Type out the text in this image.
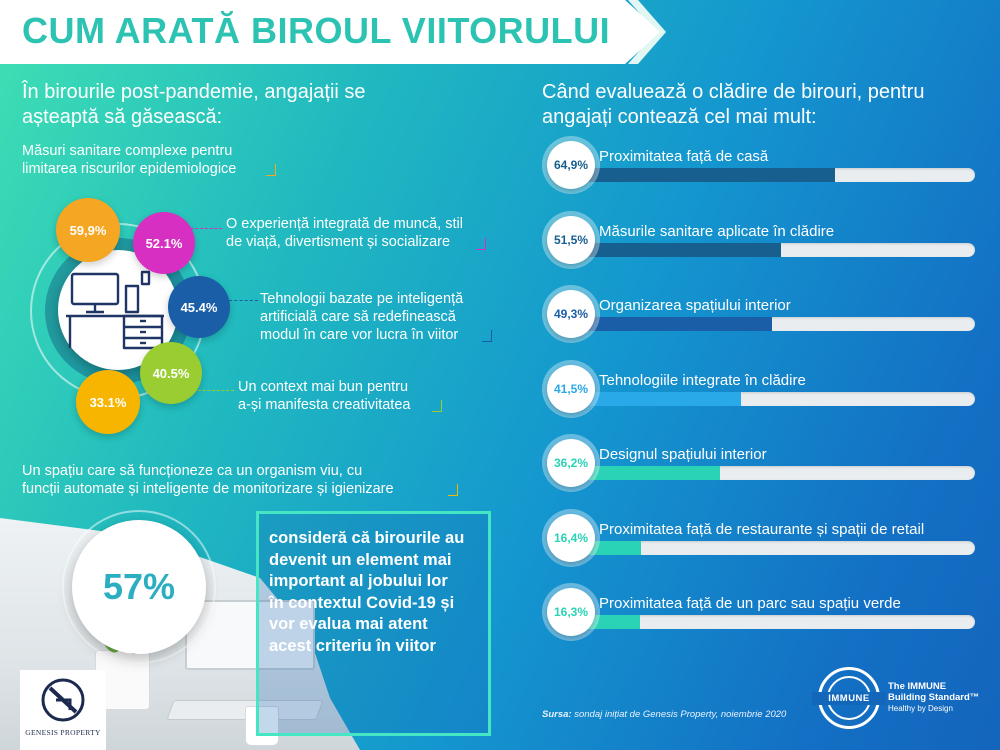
CUM ARATĂ BIROUL VIITORULUI
În birourile post-pandemie, angajații se
așteaptă să găsească:
Măsuri sanitare complexe pentru
limitarea riscurilor epidemiologice
O experiență integrată de muncă, stil
de viață, divertisment și socializare
Tehnologii bazate pe inteligență
artificială care să redefinească
modul în care vor lucra în viitor
Un context mai bun pentru
a-și manifesta creativitatea
Un spațiu care să funcționeze ca un organism viu, cu
funcții automate și inteligente de monitorizare și igienizare
59,9%
52.1%
45.4%
40.5%
33.1%
57%
consideră că birourile au
devenit un element mai
important al jobului lor
în contextul Covid-19 și
vor evalua mai atent
acest criteriu în viitor
GENESIS PROPERTY
Când evaluează o clădire de birouri, pentru
angajați contează cel mai mult:
Proximitatea față de casă
64,9%
Măsurile sanitare aplicate în clădire
51,5%
Organizarea spațiului interior
49,3%
Tehnologiile integrate în clădire
41,5%
Designul spațiului interior
36,2%
Proximitatea față de restaurante și spații de retail
16,4%
Proximitatea față de un parc sau spațiu verde
16,3%
Sursa: sondaj inițiat de Genesis Property, noiembrie 2020
IMMUNE
The IMMUNE
Building Standard™
Healthy by Design
